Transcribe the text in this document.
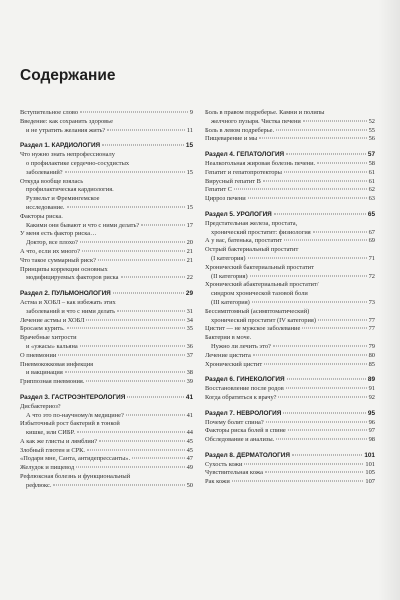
Содержание
Вступительное слово	9
Введение: как сохранить здоровье
и не утратить желания жить?	11
Раздел 1. КАРДИОЛОГИЯ	15
Что нужно знать непрофессионалу
о профилактике сердечно-сосудистых
заболеваний?	15
Откуда вообще взялась
профилактическая кардиология.
Рузвельт и Фремингемское
исследование.	15
Факторы риска.
Какими они бывают и что с ними делать?	17
У меня есть фактор риска…
Доктор, все плохо?	20
А что, если их много?	21
Что такое суммарный риск?	21
Принципы коррекции основных
модифицируемых факторов риска	22
Раздел 2. ПУЛЬМОНОЛОГИЯ	29
Астма и ХОБЛ – как избежать этих
заболеваний и что с ними делать	31
Лечение астмы и ХОБЛ	34
Бросаем курить.	35
Врачебные хитрости
и «ужасы» кальяна	36
О пневмонии	37
Пневмококковая инфекция
и вакцинация	38
Гриппозная пневмония.	39
Раздел 3. ГАСТРОЭНТЕРОЛОГИЯ	41
Дисбактериоз?
А что это по-научному/в медицине?	41
Избыточный рост бактерий в тонкой
кишке, или СИБР.	44
А как же глисты и лямблии?	45
Злобный глютен и СРК.	45
«Подари мне, Санта, антидепрессанты».	47
Желудок и пищевод	49
Рефлюксная болезнь и функциональный
рефлюкс.	50
Боль в правом подреберье. Камни и полипы
желчного пузыря. Чистка печени	52
Боль в левом подреберье.	55
Пищеварение и мы	56
Раздел 4. ГЕПАТОЛОГИЯ	57
Неалкогольная жировая болезнь печени.	58
Гепатит и гепатопротекторы	61
Вирусный гепатит В	61
Гепатит С	62
Цирроз печени	63
Раздел 5. УРОЛОГИЯ	65
Предстательная железа, простата,
хронический простатит: физиология	67
А у вас, батенька, простатит	69
Острый бактериальный простатит
(I категория)	71
Хронический бактериальный простатит
(II категория)	72
Хронический абактериальный простатит/
синдром хронической тазовой боли
(III категория)	73
Бессимптомный (асимптоматический)
хронический простатит (IV категория)	77
Цистит — не мужское заболевание	77
Бактерии в моче.
Нужно ли лечить это?	79
Лечение цистита	80
Хронический цистит	85
Раздел 6. ГИНЕКОЛОГИЯ	89
Восстановление после родов	91
Когда обратиться к врачу?	92
Раздел 7. НЕВРОЛОГИЯ	95
Почему болит спина?	96
Факторы риска болей в спине	97
Обследование и анализы.	98
Раздел 8. ДЕРМАТОЛОГИЯ	101
Сухость кожи	101
Чувствительная кожа	105
Рак кожи	107
